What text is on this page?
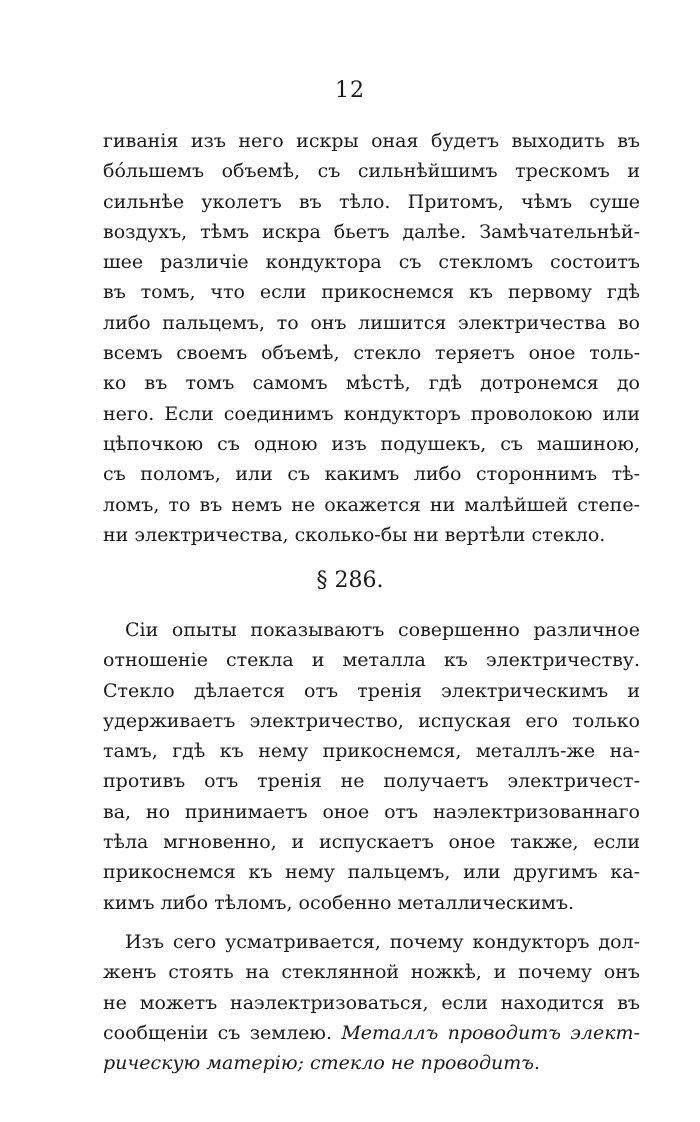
12
гиванія изъ него искры оная будетъ выходить въ
бóльшемъ объемѣ, съ сильнѣйшимъ трескомъ и
сильнѣе уколетъ въ тѣло. Притомъ, чѣмъ суше
воздухъ, тѣмъ искра бьетъ далѣе. Замѣчательнѣй-
шее различіе кондуктора съ стекломъ состоитъ
въ томъ, что если прикоснемся къ первому гдѣ
либо пальцемъ, то онъ лишится электричества во
всемъ своемъ объемѣ, стекло теряетъ оное толь-
ко въ томъ самомъ мѣстѣ, гдѣ дотронемся до
него. Если соединимъ кондукторъ проволокою или
цѣпочкою съ одною изъ подушекъ, съ машиною,
съ поломъ, или съ какимъ либо стороннимъ тѣ-
ломъ, то въ немъ не окажется ни малѣйшей степе-
ни электричества, сколько-бы ни вертѣли стекло.
§ 286.
Сіи опыты показываютъ совершенно различное
отношеніе стекла и металла къ электричеству.
Стекло дѣлается отъ тренія электрическимъ и
удерживаетъ электричество, испуская его только
тамъ, гдѣ къ нему прикоснемся, металлъ-же на-
противъ отъ тренія не получаетъ электричест-
ва, но принимаетъ оное отъ наэлектризованнаго
тѣла мгновенно, и испускаетъ оное такжe, если
прикоснемся къ нему пальцемъ, или другимъ ка-
кимъ либо тѣломъ, особенно металлическимъ.
Изъ сего усматривается, почему кондукторъ дол-
женъ стоять на стеклянной ножкѣ, и почему онъ
не можетъ наэлектризоваться, если находится въ
сообщеніи съ землею. Металлъ проводитъ элект-
рическую матерію; стекло не проводитъ.
